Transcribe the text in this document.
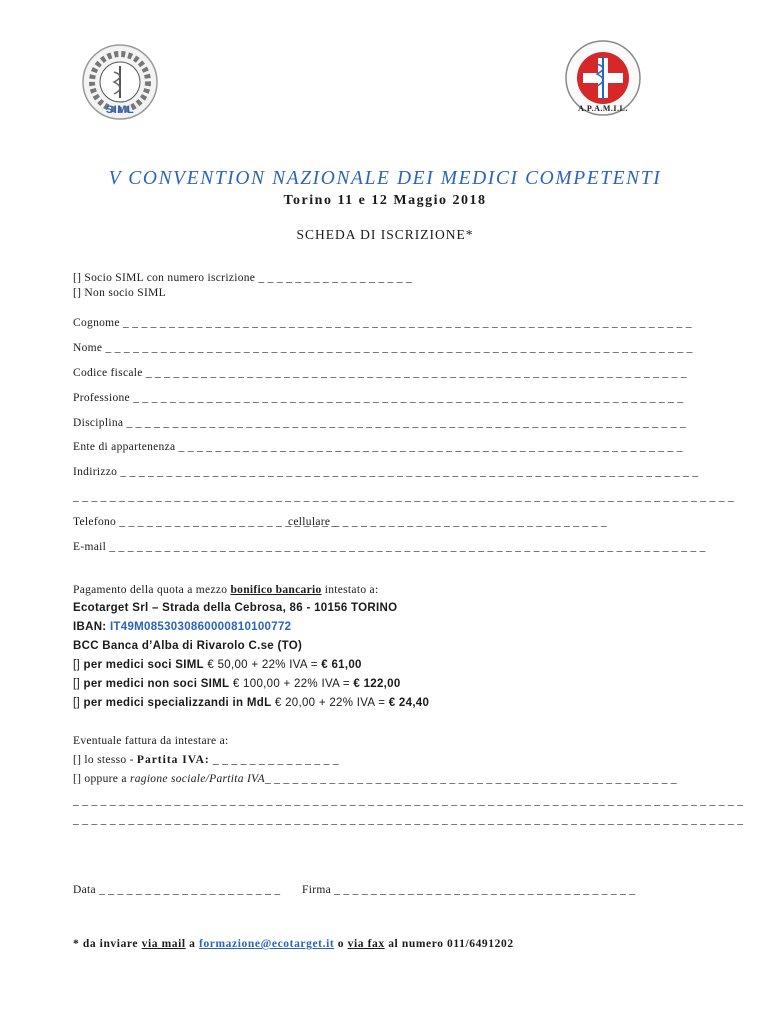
SIML	A.P.A.M.I.L.
V CONVENTION NAZIONALE DEI MEDICI COMPETENTI
Torino 11 e 12 Maggio 2018
SCHEDA DI ISCRIZIONE*
[] Socio SIML con numero iscrizione _ _ _ _ _ _ _ _ _ _ _ _ _ _ _ _ _
[] Non socio SIML
Cognome _ _ _ _ _ _ _ _ _ _ _ _ _ _ _ _ _ _ _ _ _ _ _ _ _ _ _ _ _ _ _ _ _ _ _ _ _ _ _ _ _ _ _ _ _ _ _ _ _ _ _ _ _ _ _ _ _ _ _ _ _ _
Nome _ _ _ _ _ _ _ _ _ _ _ _ _ _ _ _ _ _ _ _ _ _ _ _ _ _ _ _ _ _ _ _ _ _ _ _ _ _ _ _ _ _ _ _ _ _ _ _ _ _ _ _ _ _ _ _ _ _ _ _ _ _ _ _
Codice fiscale _ _ _ _ _ _ _ _ _ _ _ _ _ _ _ _ _ _ _ _ _ _ _ _ _ _ _ _ _ _ _ _ _ _ _ _ _ _ _ _ _ _ _ _ _ _ _ _ _ _ _ _ _ _ _ _ _ _ _
Professione _ _ _ _ _ _ _ _ _ _ _ _ _ _ _ _ _ _ _ _ _ _ _ _ _ _ _ _ _ _ _ _ _ _ _ _ _ _ _ _ _ _ _ _ _ _ _ _ _ _ _ _ _ _ _ _ _ _ _ _
Disciplina _ _ _ _ _ _ _ _ _ _ _ _ _ _ _ _ _ _ _ _ _ _ _ _ _ _ _ _ _ _ _ _ _ _ _ _ _ _ _ _ _ _ _ _ _ _ _ _ _ _ _ _ _ _ _ _ _ _ _ _ _
Ente di appartenenza _ _ _ _ _ _ _ _ _ _ _ _ _ _ _ _ _ _ _ _ _ _ _ _ _ _ _ _ _ _ _ _ _ _ _ _ _ _ _ _ _ _ _ _ _ _ _ _ _ _ _ _ _ _ _
Indirizzo _ _ _ _ _ _ _ _ _ _ _ _ _ _ _ _ _ _ _ _ _ _ _ _ _ _ _ _ _ _ _ _ _ _ _ _ _ _ _ _ _ _ _ _ _ _ _ _ _ _ _ _ _ _ _ _ _ _ _ _ _ _ _
_ _ _ _ _ _ _ _ _ _ _ _ _ _ _ _ _ _ _ _ _ _ _ _ _ _ _ _ _ _ _ _ _ _ _ _ _ _ _ _ _ _ _ _ _ _ _ _ _ _ _ _ _ _ _ _ _ _ _ _ _ _ _ _ _ _ _ _ _ _ _ _
Telefono _ _ _ _ _ _ _ _ _ _ _ _ _ _ _ _ _ _ _ _ _ _ _ _
cellulare _ _ _ _ _ _ _ _ _ _ _ _ _ _ _ _ _ _ _ _ _ _ _ _ _ _ _ _ _ _
E-mail _ _ _ _ _ _ _ _ _ _ _ _ _ _ _ _ _ _ _ _ _ _ _ _ _ _ _ _ _ _ _ _ _ _ _ _ _ _ _ _ _ _ _ _ _ _ _ _ _ _ _ _ _ _ _ _ _ _ _ _ _ _ _ _ _
Pagamento della quota a mezzo bonifico bancario intestato a:
Ecotarget Srl – Strada della Cebrosa, 86 - 10156 TORINO
IBAN: IT49M0853030860000810100772
BCC Banca d’Alba di Rivarolo C.se (TO)
[] per medici soci SIML € 50,00 + 22% IVA = € 61,00
[] per medici non soci SIML € 100,00 + 22% IVA = € 122,00
[] per medici specializzandi in MdL € 20,00 + 22% IVA = € 24,40
Eventuale fattura da intestare a:
[] lo stesso - Partita IVA: _ _ _ _ _ _ _ _ _ _ _ _ _ _
[] oppure a ragione sociale/Partita IVA_ _ _ _ _ _ _ _ _ _ _ _ _ _ _ _ _ _ _ _ _ _ _ _ _ _ _ _ _ _ _ _ _ _ _ _ _ _ _ _ _ _ _ _ _
_ _ _ _ _ _ _ _ _ _ _ _ _ _ _ _ _ _ _ _ _ _ _ _ _ _ _ _ _ _ _ _ _ _ _ _ _ _ _ _ _ _ _ _ _ _ _ _ _ _ _ _ _ _ _ _ _ _ _ _ _ _ _ _ _ _ _ _ _ _ _ _ _
_ _ _ _ _ _ _ _ _ _ _ _ _ _ _ _ _ _ _ _ _ _ _ _ _ _ _ _ _ _ _ _ _ _ _ _ _ _ _ _ _ _ _ _ _ _ _ _ _ _ _ _ _ _ _ _ _ _ _ _ _ _ _ _ _ _ _ _ _ _ _ _ _
Data _ _ _ _ _ _ _ _ _ _ _ _ _ _ _ _ _ _ _ _ Firma _ _ _ _ _ _ _ _ _ _ _ _ _ _ _ _ _ _ _ _ _ _ _ _ _ _ _ _ _ _ _ _ _
* da inviare via mail a formazione@ecotarget.it o via fax al numero 011/6491202
